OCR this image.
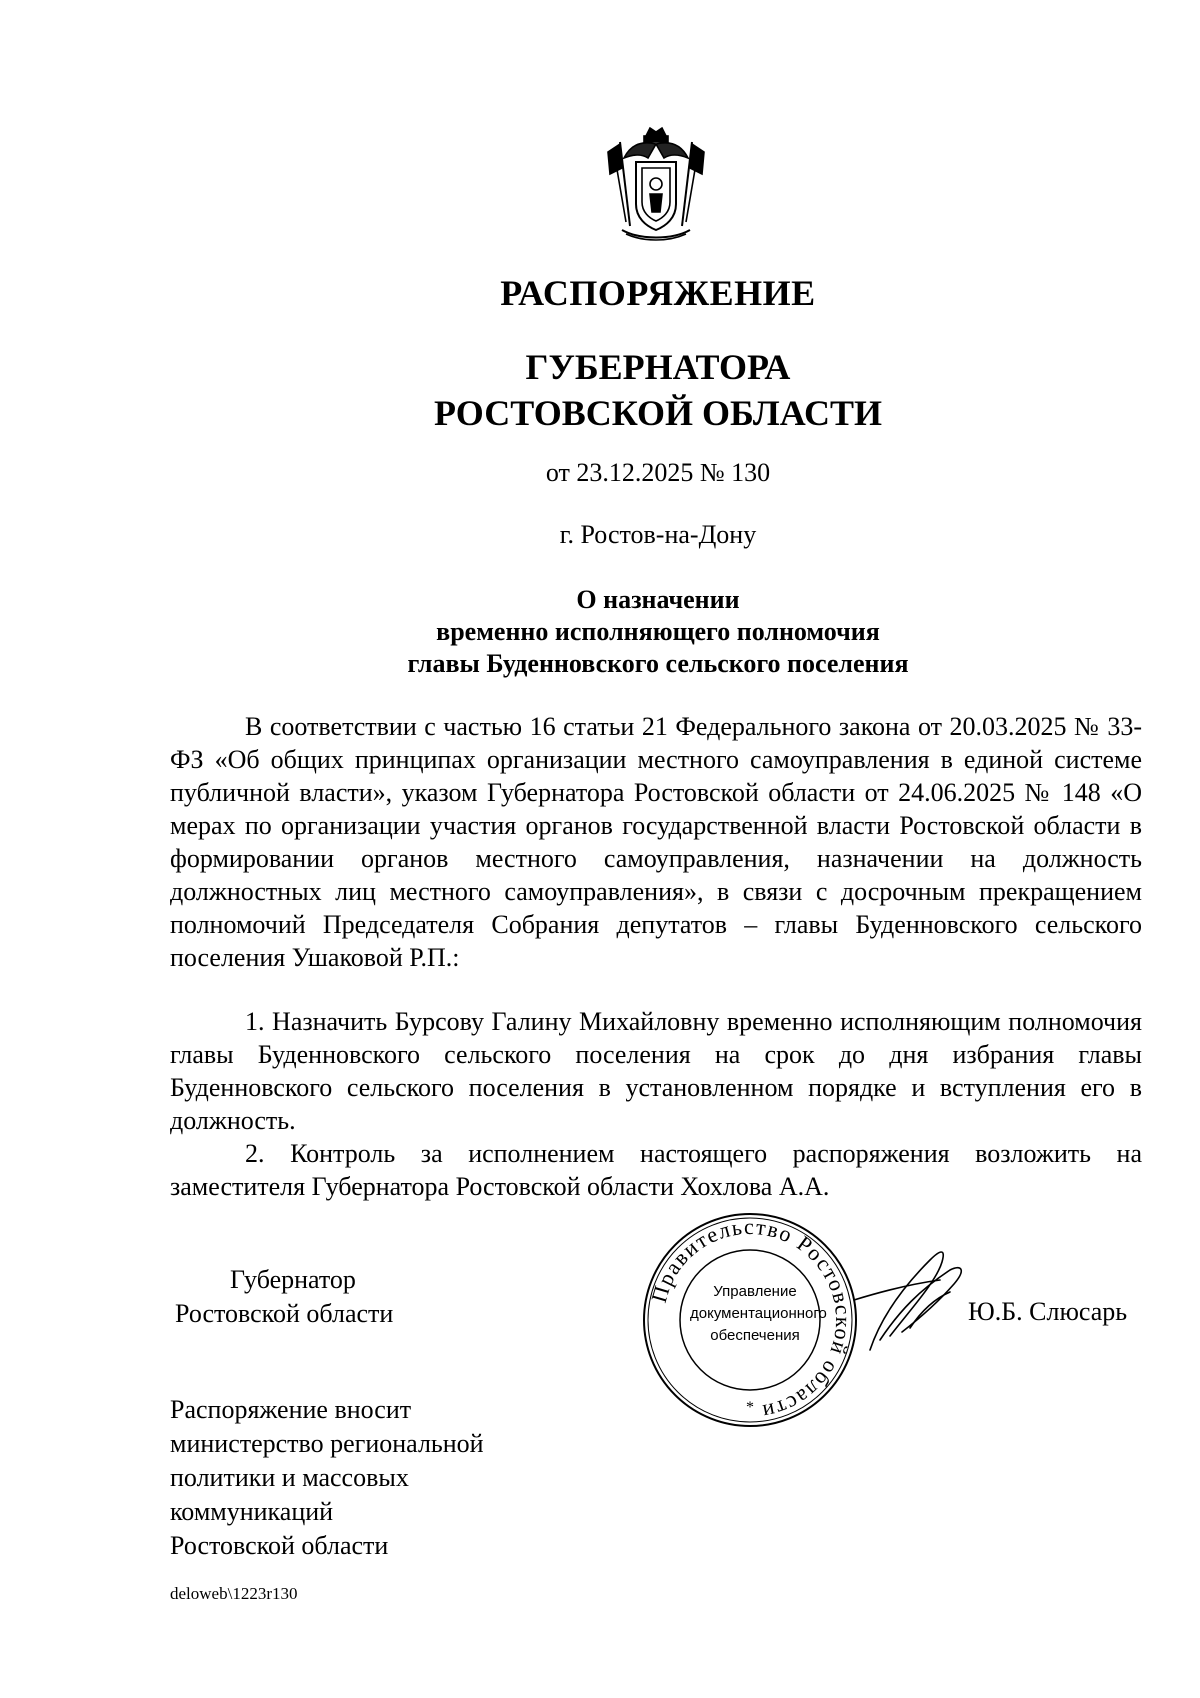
РАСПОРЯЖЕНИЕ
ГУБЕРНАТОРА
РОСТОВСКОЙ ОБЛАСТИ
от 23.12.2025 № 130
г. Ростов-на-Дону
О назначении
временно исполняющего полномочия
главы Буденновского сельского поселения
В соответствии с частью 16 статьи 21 Федерального закона от 20.03.2025 № 33-ФЗ «Об общих принципах организации местного самоуправления в единой системе публичной власти», указом Губернатора Ростовской области от 24.06.2025 № 148 «О мерах по организации участия органов государственной власти Ростовской области в формировании органов местного самоуправления, назначении на должность должностных лиц местного самоуправления», в связи с досрочным прекращением полномочий Председателя Собрания депутатов – главы Буденновского сельского поселения Ушаковой Р.П.:
1. Назначить Бурсову Галину Михайловну временно исполняющим полномочия главы Буденновского сельского поселения на срок до дня избрания главы Буденновского сельского поселения в установленном порядке и вступления его в должность.
2. Контроль за исполнением настоящего распоряжения возложить на заместителя Губернатора Ростовской области Хохлова А.А.
Губернатор
Ростовской области
Правительство Ростовской области
*
Управление
документационного
обеспечения
Ю.Б. Слюсарь
Распоряжение вносит
министерство региональной
политики и массовых
коммуникаций
Ростовской области
deloweb\1223r130
